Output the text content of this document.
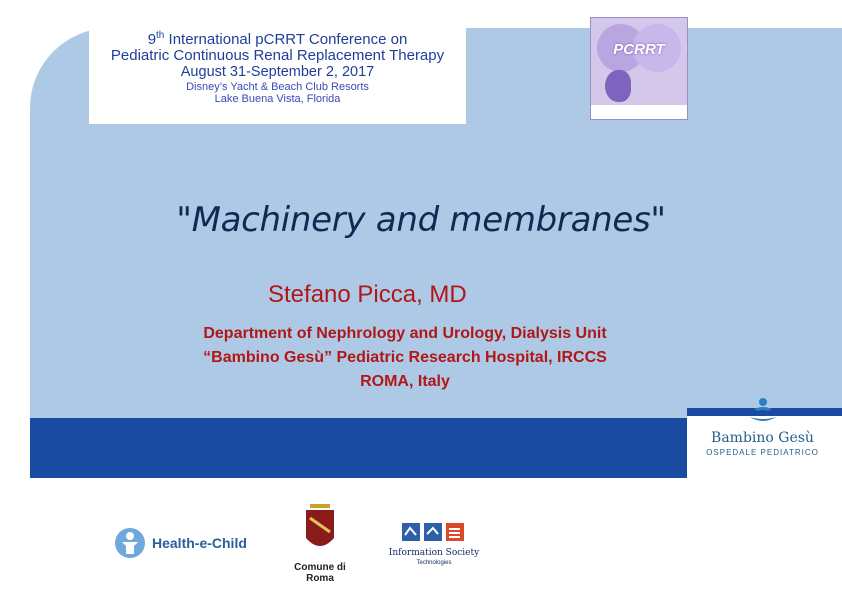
9th International pCRRT Conference on
Pediatric Continuous Renal Replacement Therapy
August 31-September 2, 2017
Disney’s Yacht & Beach Club Resorts
Lake Buena Vista, Florida
PCRRT
"Machinery and membranes"
Stefano Picca, MD
Department of Nephrology and Urology, Dialysis Unit
“Bambino Gesù” Pediatric Research Hospital, IRCCS
ROMA, Italy
Bambino Gesù
OSPEDALE PEDIATRICO
Health-e-Child
Comune di Roma
Information Society
Technologies
